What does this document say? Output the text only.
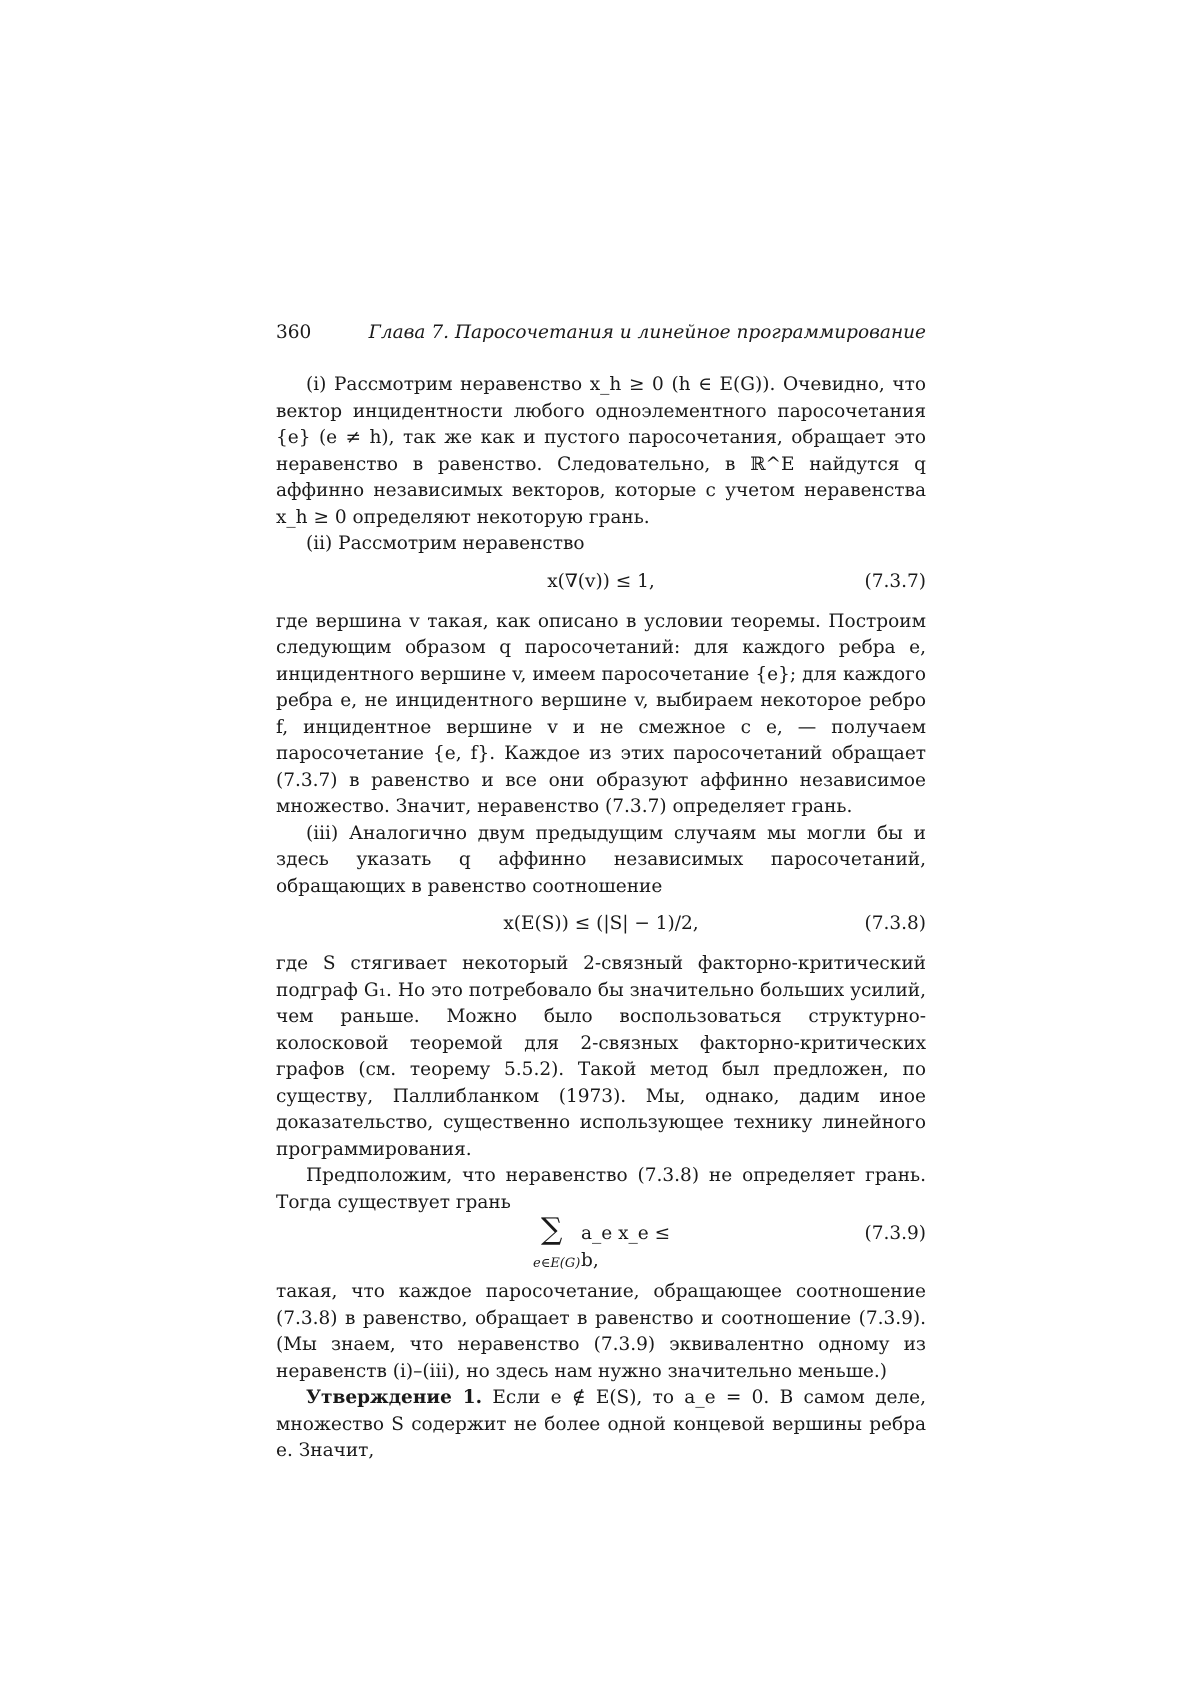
360	Глава 7. Паросочетания и линейное программирование

(i) Рассмотрим неравенство x_h ≥ 0 (h ∈ E(G)). Очевидно, что вектор инцидентности любого одноэлементного паросочетания {e} (e ≠ h), так же как и пустого паросочетания, обращает это неравенство в равенство. Следовательно, в ℝ^E найдутся q аффинно независимых векторов, которые с учетом неравенства x_h ≥ 0 определяют некоторую грань.

(ii) Рассмотрим неравенство

x(∇(v)) ≤ 1,	(7.3.7)

где вершина v такая, как описано в условии теоремы. Построим следующим образом q паросочетаний: для каждого ребра e, инцидентного вершине v, имеем паросочетание {e}; для каждого ребра e, не инцидентного вершине v, выбираем некоторое ребро f, инцидентное вершине v и не смежное с e, — получаем паросочетание {e, f}. Каждое из этих паросочетаний обращает (7.3.7) в равенство и все они образуют аффинно независимое множество. Значит, неравенство (7.3.7) определяет грань.

(iii) Аналогично двум предыдущим случаям мы могли бы и здесь указать q аффинно независимых паросочетаний, обращающих в равенство соотношение

x(E(S)) ≤ (|S| − 1)/2,	(7.3.8)

где S стягивает некоторый 2-связный факторно-критический подграф G₁. Но это потребовало бы значительно больших усилий, чем раньше. Можно было воспользоваться структурно-колосковой теоремой для 2-связных факторно-критических графов (см. теорему 5.5.2). Такой метод был предложен, по существу, Паллибланком (1973). Мы, однако, дадим иное доказательство, существенно использующее технику линейного программирования.

Предположим, что неравенство (7.3.8) не определяет грань. Тогда существует грань

∑
e∈E(G)
a_e x_e ≤ b,
(7.3.9)

такая, что каждое паросочетание, обращающее соотношение (7.3.8) в равенство, обращает в равенство и соотношение (7.3.9). (Мы знаем, что неравенство (7.3.9) эквивалентно одному из неравенств (i)–(iii), но здесь нам нужно значительно меньше.)

Утверждение 1. Если e ∉ E(S), то a_e = 0. В самом деле, множество S содержит не более одной концевой вершины ребра e. Значит,
